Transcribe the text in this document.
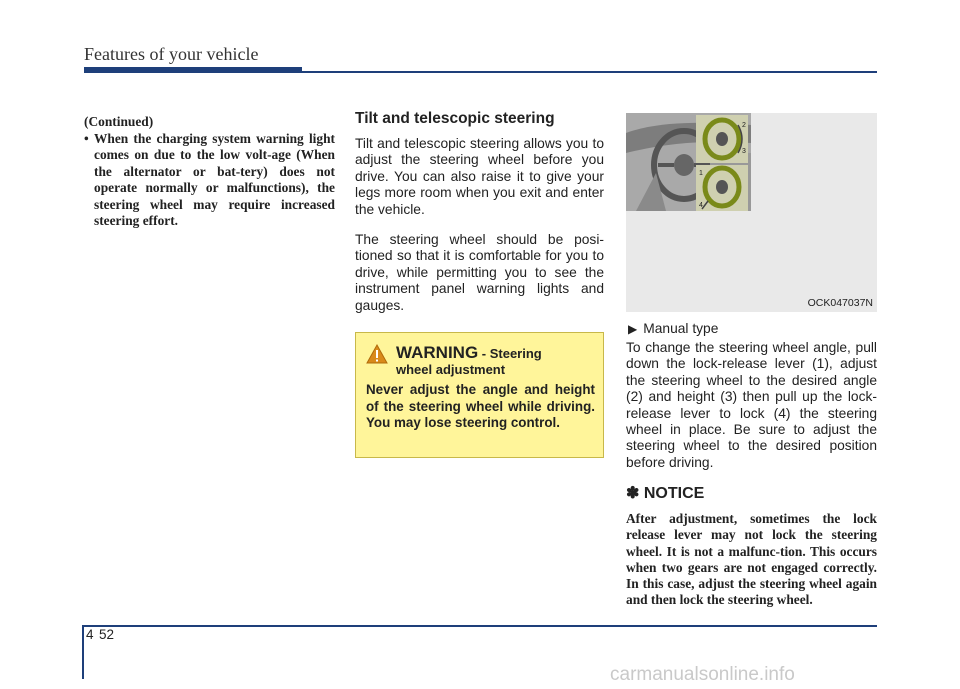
Features of your vehicle
(Continued)
• When the charging system warning light comes on due to the low volt-age (When the alternator or bat-tery) does not operate normally or malfunctions), the steering wheel may require increased steering effort.
Tilt and telescopic steering
Tilt and telescopic steering allows you to adjust the steering wheel before you drive. You can also raise it to give your legs more room when you exit and enter the vehicle.
The steering wheel should be posi-tioned so that it is comfortable for you to drive, while permitting you to see the instrument panel warning lights and gauges.
WARNING - Steering
wheel adjustment
Never adjust the angle and height of the steering wheel while driving. You may lose steering control.
2
3
1
4
OCK047037N
▶ Manual type
To change the steering wheel angle, pull down the lock-release lever (1), adjust the steering wheel to the desired angle (2) and height (3) then pull up the lock-release lever to lock (4) the steering wheel in place. Be sure to adjust the steering wheel to the desired position before driving.
✽ NOTICE
After adjustment, sometimes the lock release lever may not lock the steering wheel. It is not a malfunc-tion. This occurs when two gears are not engaged correctly. In this case, adjust the steering wheel again and then lock the steering wheel.
4 52
carmanualsonline.info
